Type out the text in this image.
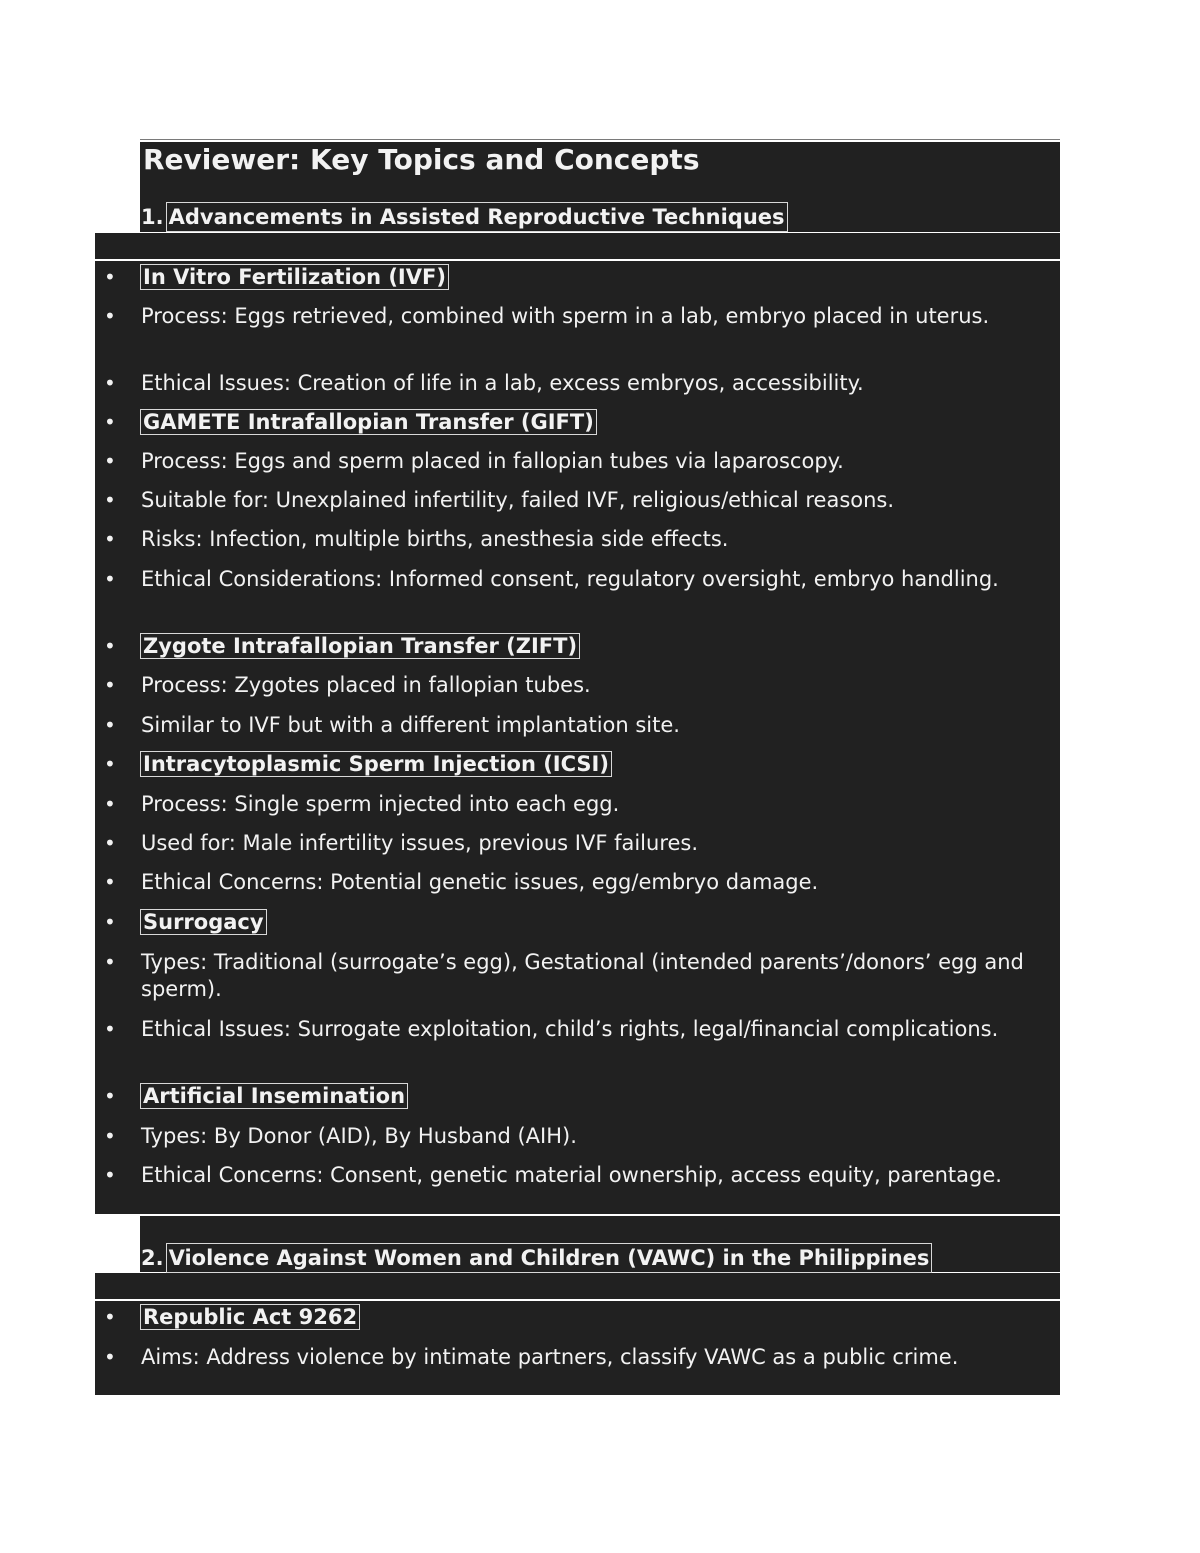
Reviewer: Key Topics and Concepts
1. Advancements in Assisted Reproductive Techniques
• In Vitro Fertilization (IVF)
• Process: Eggs retrieved, combined with sperm in a lab, embryo placed in uterus.
• Ethical Issues: Creation of life in a lab, excess embryos, accessibility.
• GAMETE Intrafallopian Transfer (GIFT)
• Process: Eggs and sperm placed in fallopian tubes via laparoscopy.
• Suitable for: Unexplained infertility, failed IVF, religious/ethical reasons.
• Risks: Infection, multiple births, anesthesia side effects.
• Ethical Considerations: Informed consent, regulatory oversight, embryo handling.
• Zygote Intrafallopian Transfer (ZIFT)
• Process: Zygotes placed in fallopian tubes.
• Similar to IVF but with a different implantation site.
• Intracytoplasmic Sperm Injection (ICSI)
• Process: Single sperm injected into each egg.
• Used for: Male infertility issues, previous IVF failures.
• Ethical Concerns: Potential genetic issues, egg/embryo damage.
• Surrogacy
• Types: Traditional (surrogate’s egg), Gestational (intended parents’/donors’ egg and sperm).
• Ethical Issues: Surrogate exploitation, child’s rights, legal/financial complications.
• Artificial Insemination
• Types: By Donor (AID), By Husband (AIH).
• Ethical Concerns: Consent, genetic material ownership, access equity, parentage.
2. Violence Against Women and Children (VAWC) in the Philippines
• Republic Act 9262
• Aims: Address violence by intimate partners, classify VAWC as a public crime.
